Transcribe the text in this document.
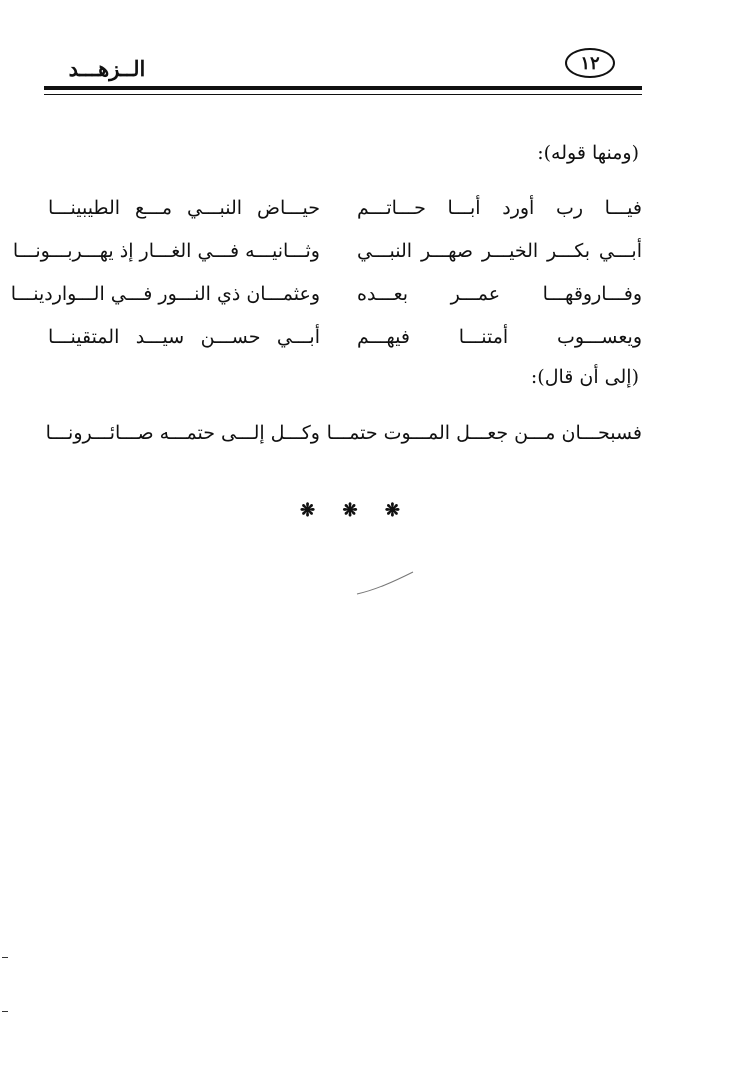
الــزهـــد	١٢
(ومنها قوله):
فيـــا رب أورد أبـــا حـــاتـــم
حيـــاض النبـــي مـــع الطيبينـــا
أبـــي بكـــر الخيـــر صهـــر النبـــي
وثـــانيـــه فـــي الغـــار إذ يهـــربـــونـــا
وفـــاروقهـــا عمـــر بعـــده
وعثمـــان ذي النـــور فـــي الـــواردينـــا
ويعســـوب أمتنـــا فيهـــم
أبـــي حســـن سيـــد المتقينـــا
(إلى أن قال):
فسبحـــان مـــن جعـــل المـــوت حتمـــا
وكـــل إلـــى حتمـــه صـــائـــرونـــا
❋ ❋ ❋
